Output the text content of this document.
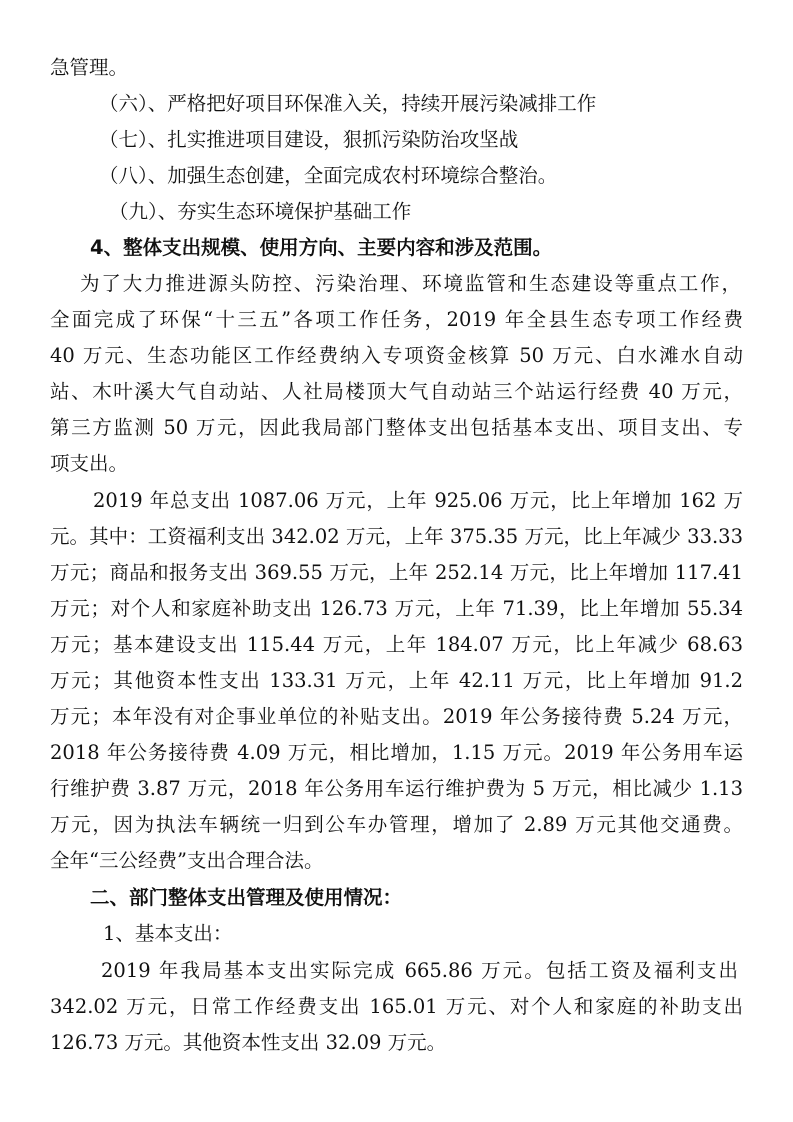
急管理。
（六）、严格把好项目环保准入关，持续开展污染减排工作
（七）、扎实推进项目建设，狠抓污染防治攻坚战
（八）、加强生态创建，全面完成农村环境综合整治。
（九）、夯实生态环境保护基础工作
4、整体支出规模、使用方向、主要内容和涉及范围。
为了大力推进源头防控、污染治理、环境监管和生态建设等重点工作，
全面完成了环保“十三五”各项工作任务，2019 年全县生态专项工作经费
40 万元、生态功能区工作经费纳入专项资金核算 50 万元、白水滩水自动
站、木叶溪大气自动站、人社局楼顶大气自动站三个站运行经费 40 万元，
第三方监测 50 万元，因此我局部门整体支出包括基本支出、项目支出、专
项支出。
2019 年总支出 1087.06 万元，上年 925.06 万元，比上年增加 162 万
元。其中：工资福利支出 342.02 万元，上年 375.35 万元，比上年减少 33.33
万元；商品和报务支出 369.55 万元，上年 252.14 万元，比上年增加 117.41
万元；对个人和家庭补助支出 126.73 万元，上年 71.39，比上年增加 55.34
万元；基本建设支出 115.44 万元，上年 184.07 万元，比上年减少 68.63
万元；其他资本性支出 133.31 万元，上年 42.11 万元，比上年增加 91.2
万元；本年没有对企事业单位的补贴支出。2019 年公务接待费 5.24 万元，
2018 年公务接待费 4.09 万元，相比增加，1.15 万元。2019 年公务用车运
行维护费 3.87 万元，2018 年公务用车运行维护费为 5 万元，相比减少 1.13
万元，因为执法车辆统一归到公车办管理，增加了 2.89 万元其他交通费。
全年“三公经费”支出合理合法。
二、部门整体支出管理及使用情况：
1、基本支出：
2019 年我局基本支出实际完成 665.86 万元。包括工资及福利支出
342.02 万元，日常工作经费支出 165.01 万元、对个人和家庭的补助支出
126.73 万元。其他资本性支出 32.09 万元。
